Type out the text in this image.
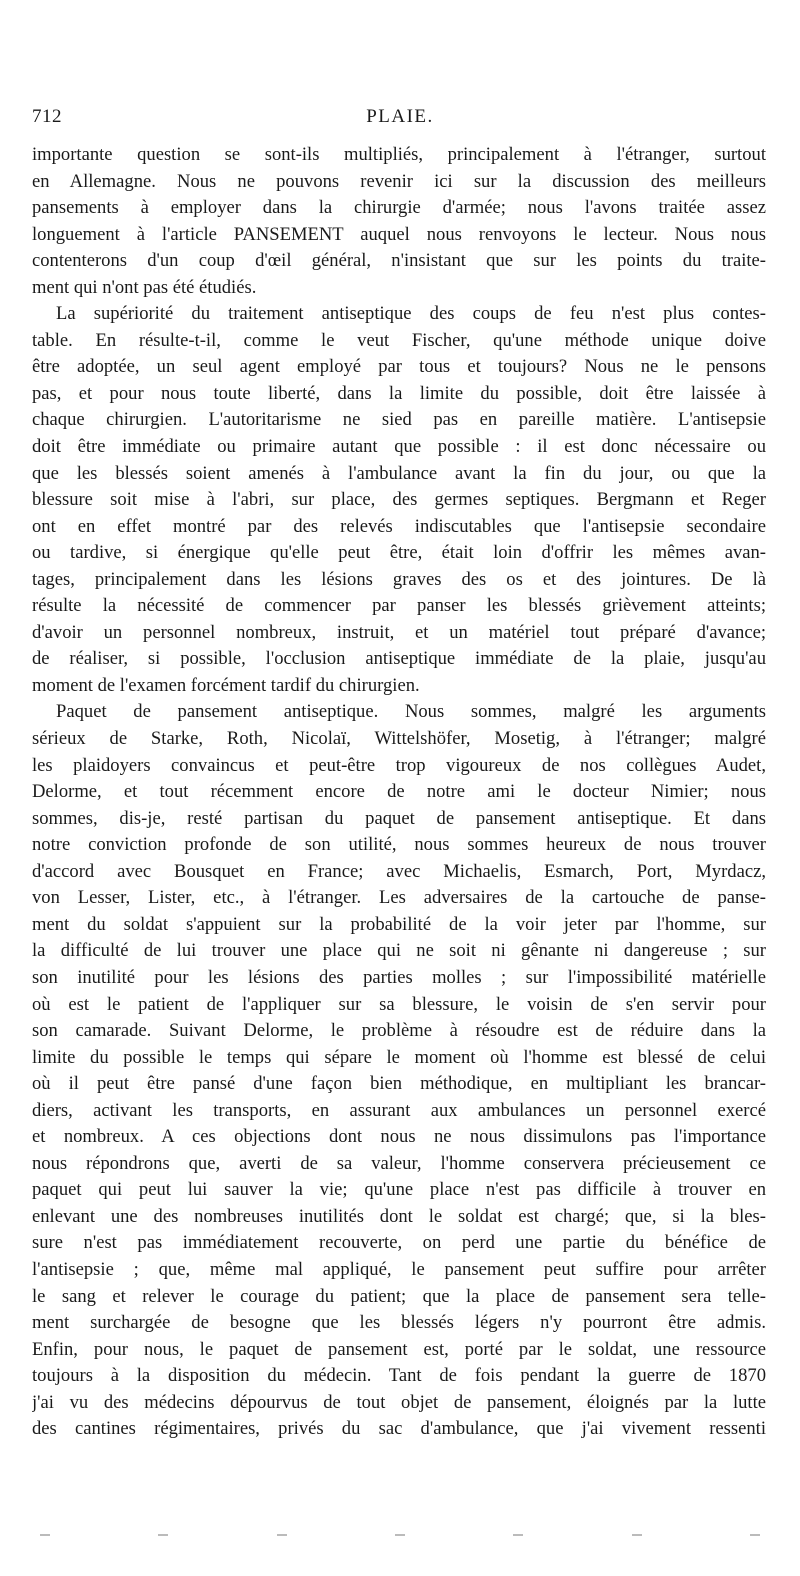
712	PLAIE.
importante question se sont-ils multipliés, principalement à l'étranger, surtout
en Allemagne. Nous ne pouvons revenir ici sur la discussion des meilleurs
pansements à employer dans la chirurgie d'armée; nous l'avons traitée assez
longuement à l'article PANSEMENT auquel nous renvoyons le lecteur. Nous nous
contenterons d'un coup d'œil général, n'insistant que sur les points du traite-
ment qui n'ont pas été étudiés.
La supériorité du traitement antiseptique des coups de feu n'est plus contes-
table. En résulte-t-il, comme le veut Fischer, qu'une méthode unique doive
être adoptée, un seul agent employé par tous et toujours? Nous ne le pensons
pas, et pour nous toute liberté, dans la limite du possible, doit être laissée à
chaque chirurgien. L'autoritarisme ne sied pas en pareille matière. L'antisepsie
doit être immédiate ou primaire autant que possible : il est donc nécessaire ou
que les blessés soient amenés à l'ambulance avant la fin du jour, ou que la
blessure soit mise à l'abri, sur place, des germes septiques. Bergmann et Reger
ont en effet montré par des relevés indiscutables que l'antisepsie secondaire
ou tardive, si énergique qu'elle peut être, était loin d'offrir les mêmes avan-
tages, principalement dans les lésions graves des os et des jointures. De là
résulte la nécessité de commencer par panser les blessés grièvement atteints;
d'avoir un personnel nombreux, instruit, et un matériel tout préparé d'avance;
de réaliser, si possible, l'occlusion antiseptique immédiate de la plaie, jusqu'au
moment de l'examen forcément tardif du chirurgien.
Paquet de pansement antiseptique. Nous sommes, malgré les arguments
sérieux de Starke, Roth, Nicolaï, Wittelshöfer, Mosetig, à l'étranger; malgré
les plaidoyers convaincus et peut-être trop vigoureux de nos collègues Audet,
Delorme, et tout récemment encore de notre ami le docteur Nimier; nous
sommes, dis-je, resté partisan du paquet de pansement antiseptique. Et dans
notre conviction profonde de son utilité, nous sommes heureux de nous trouver
d'accord avec Bousquet en France; avec Michaelis, Esmarch, Port, Myrdacz,
von Lesser, Lister, etc., à l'étranger. Les adversaires de la cartouche de panse-
ment du soldat s'appuient sur la probabilité de la voir jeter par l'homme, sur
la difficulté de lui trouver une place qui ne soit ni gênante ni dangereuse ; sur
son inutilité pour les lésions des parties molles ; sur l'impossibilité matérielle
où est le patient de l'appliquer sur sa blessure, le voisin de s'en servir pour
son camarade. Suivant Delorme, le problème à résoudre est de réduire dans la
limite du possible le temps qui sépare le moment où l'homme est blessé de celui
où il peut être pansé d'une façon bien méthodique, en multipliant les brancar-
diers, activant les transports, en assurant aux ambulances un personnel exercé
et nombreux. A ces objections dont nous ne nous dissimulons pas l'importance
nous répondrons que, averti de sa valeur, l'homme conservera précieusement ce
paquet qui peut lui sauver la vie; qu'une place n'est pas difficile à trouver en
enlevant une des nombreuses inutilités dont le soldat est chargé; que, si la bles-
sure n'est pas immédiatement recouverte, on perd une partie du bénéfice de
l'antisepsie ; que, même mal appliqué, le pansement peut suffire pour arrêter
le sang et relever le courage du patient; que la place de pansement sera telle-
ment surchargée de besogne que les blessés légers n'y pourront être admis.
Enfin, pour nous, le paquet de pansement est, porté par le soldat, une ressource
toujours à la disposition du médecin. Tant de fois pendant la guerre de 1870
j'ai vu des médecins dépourvus de tout objet de pansement, éloignés par la lutte
des cantines régimentaires, privés du sac d'ambulance, que j'ai vivement ressenti
